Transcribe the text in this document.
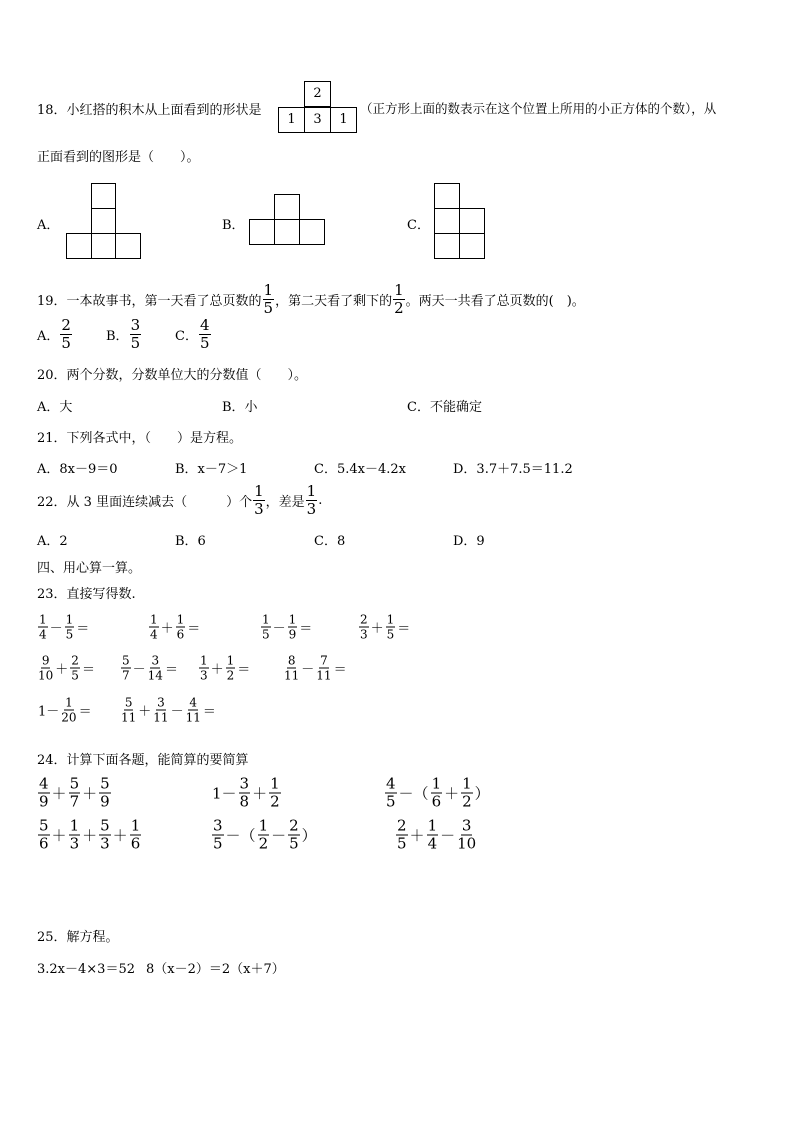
18．小红搭的积木从上面看到的形状是
2
1	3	1
（正方形上面的数表示在这个位置上所用的小正方体的个数），从
正面看到的图形是（　　）。
A．	B．	C．
19．一本故事书，第一天看了总页数的 $\frac{1}{5}$ ，第二天看了剩下的 $\frac{1}{2}$ 。两天一共看了总页数的(　)。
A． $\frac{2}{5}$	B． $\frac{3}{5}$	C． $\frac{4}{5}$
20．两个分数，分数单位大的分数值（　　）。
A．大	B．小	C．不能确定
21．下列各式中，（　　）是方程。
A．8x－9＝0	B．x－7＞1	C．5.4x－4.2x	D．3.7＋7.5＝11.2
22．从 3 里面连续减去（　　　）个 $\frac{1}{3}$ ，差是 $\frac{1}{3}$ .
A．2	B．6	C．8	D．9
四、用心算一算。
23．直接写得数.
$\frac{1}{4} - \frac{1}{5}$ ＝	$\frac{1}{4} + \frac{1}{6}$ ＝	$\frac{1}{5} - \frac{1}{9}$ ＝	$\frac{2}{3} + \frac{1}{5}$ ＝
$\frac{9}{10} + \frac{2}{5} = \frac{5}{7} - \frac{3}{14} = \frac{1}{3} + \frac{1}{2}$ ＝	$\frac{8}{11} - \frac{7}{11}$ ＝
$1- \frac{1}{20} = \frac{5}{11} + \frac{3}{11} - \frac{4}{11}$ ＝
24．计算下面各题，能简算的要简算
$\frac{4}{9} + \frac{5}{7} + \frac{5}{9}$	$1- \frac{3}{8} + \frac{1}{2}$	$\frac{4}{5}$ －（ $\frac{1}{6} + \frac{1}{2}$ ）
$\frac{5}{6} + \frac{1}{3} + \frac{5}{3} + \frac{1}{6}$	$\frac{3}{5}$ －（ $\frac{1}{2} - \frac{2}{5}$ ）	$\frac{2}{5} + \frac{1}{4} - \frac{3}{10}$
25．解方程。
3.2x－4×3＝52 8（x－2）＝2（x＋7）
